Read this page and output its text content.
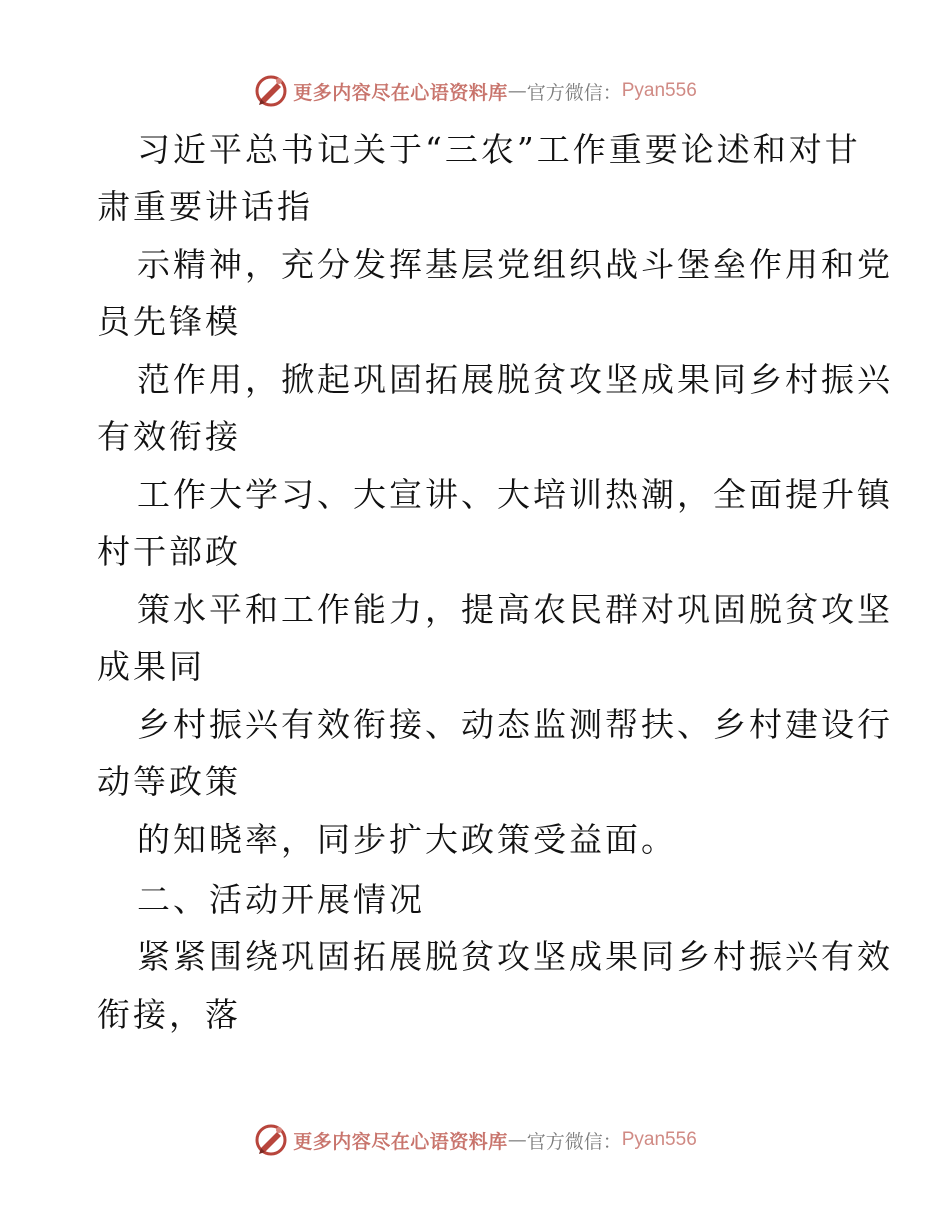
更多内容尽在心语资料库 — 官方微信： Pyan556
习近平总书记关于“三农”工作重要论述和对甘
肃重要讲话指
示精神，充分发挥基层党组织战斗堡垒作用和党
员先锋模
范作用，掀起巩固拓展脱贫攻坚成果同乡村振兴
有效衔接
工作大学习、大宣讲、大培训热潮，全面提升镇
村干部政
策水平和工作能力，提高农民群对巩固脱贫攻坚
成果同
乡村振兴有效衔接、动态监测帮扶、乡村建设行
动等政策
的知晓率，同步扩大政策受益面。
二、活动开展情况
紧紧围绕巩固拓展脱贫攻坚成果同乡村振兴有效
衔接，落
更多内容尽在心语资料库 — 官方微信： Pyan556
